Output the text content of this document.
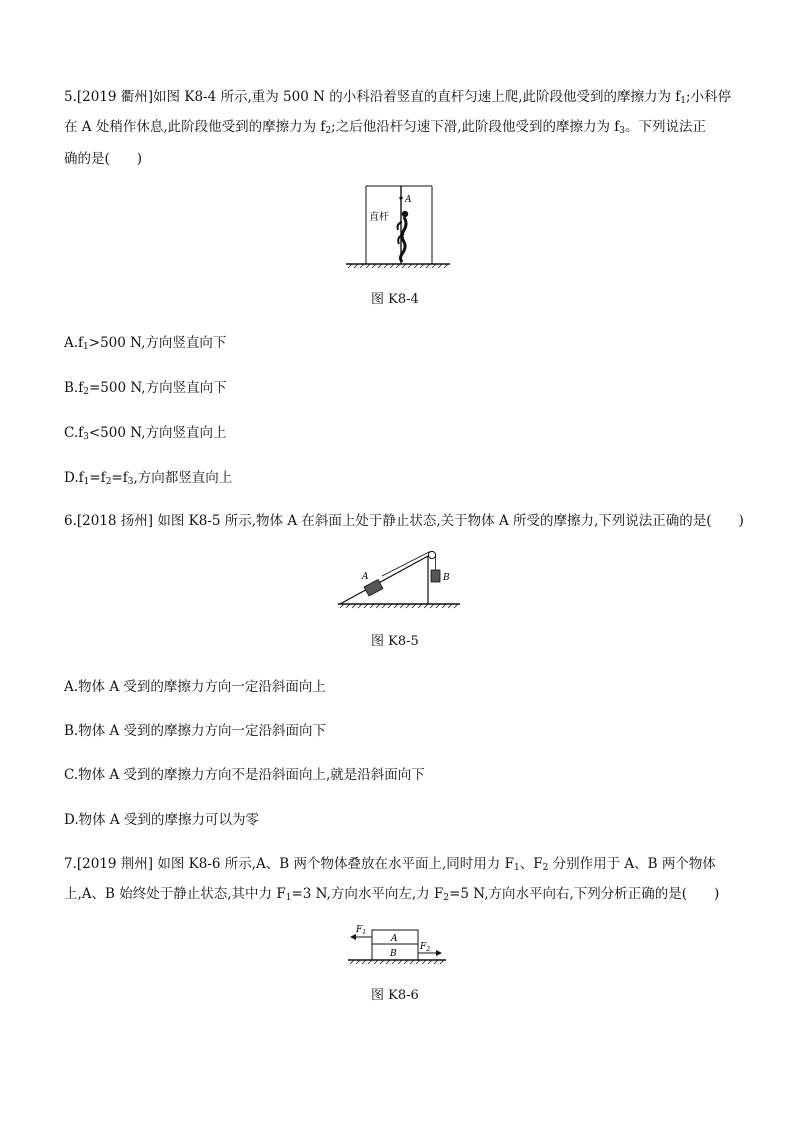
5.[2019 衢州]如图 K8-4 所示,重为 500 N 的小科沿着竖直的直杆匀速上爬,此阶段他受到的摩擦力为 $f_1$;小科停
在 A 处稍作休息,此阶段他受到的摩擦力为 $f_2$;之后他沿杆匀速下滑,此阶段他受到的摩擦力为 $f_3$。下列说法正
确的是(　　)
A
直杆
图 K8-4
$A.f_1>500$ N,方向竖直向下
$B.f_2=500$ N,方向竖直向下
$C.f_3<500$ N,方向竖直向上
$D.f_1=f_2=f_3$,方向都竖直向上
6.[2018 扬州] 如图 K8-5 所示,物体 A 在斜面上处于静止状态,关于物体 A 所受的摩擦力,下列说法正确的是(　　)
A	B
图 K8-5
A.物体 A 受到的摩擦力方向一定沿斜面向上
B.物体 A 受到的摩擦力方向一定沿斜面向下
C.物体 A 受到的摩擦力方向不是沿斜面向上,就是沿斜面向下
D.物体 A 受到的摩擦力可以为零
7.[2019 荆州] 如图 K8-6 所示,A、B 两个物体叠放在水平面上,同时用力 $F_1$、$F_2$ 分别作用于 A、B 两个物体
上,A、B 始终处于静止状态,其中力 $F_1=3$ N,方向水平向左,力 $F_2=5$ N,方向水平向右,下列分析正确的是(　　)
A
B
$F_1$
$F_2$
图 K8-6
